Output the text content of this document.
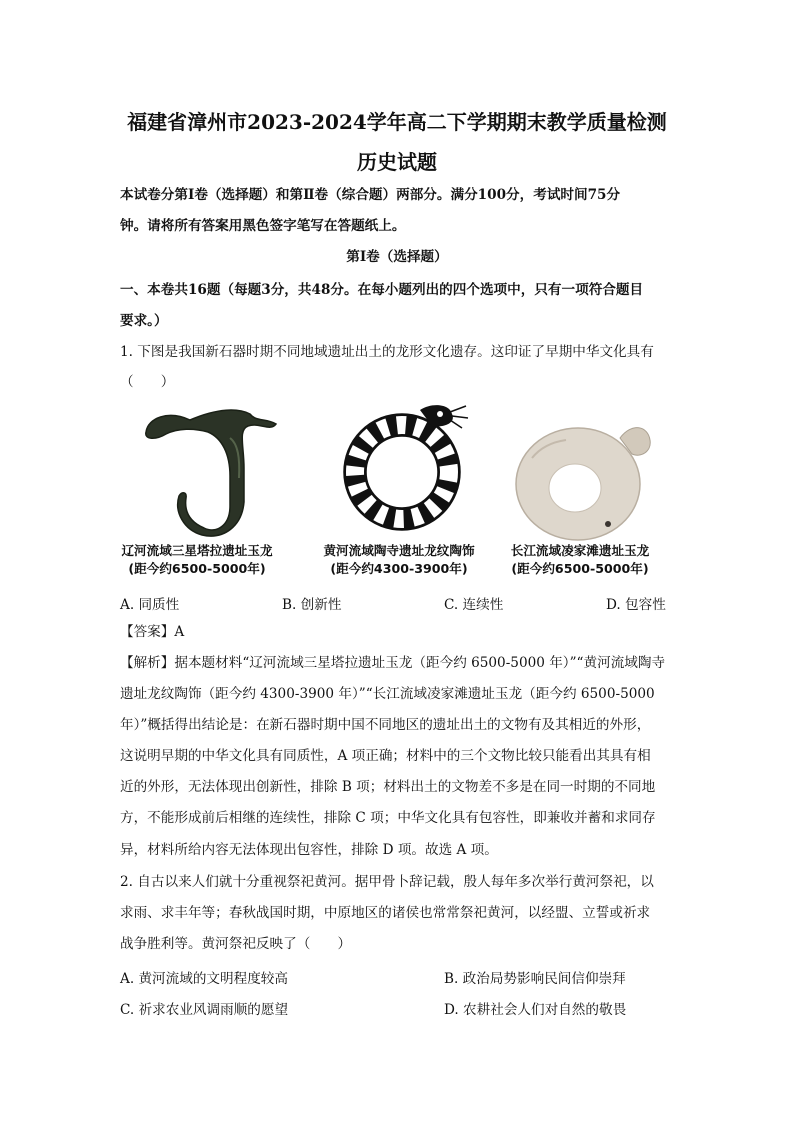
福建省漳州市2023-2024学年高二下学期期末教学质量检测
历史试题
本试卷分第Ⅰ卷（选择题）和第Ⅱ卷（综合题）两部分。满分100分，考试时间75分
钟。请将所有答案用黑色签字笔写在答题纸上。
第Ⅰ卷（选择题）
一、本卷共16题（每题3分，共48分。在每小题列出的四个选项中，只有一项符合题目
要求。）
1. 下图是我国新石器时期不同地域遗址出土的龙形文化遗存。这印证了早期中华文化具有
（　　）
辽河流域三星塔拉遗址玉龙
(距今约6500-5000年)
黄河流域陶寺遗址龙纹陶饰
(距今约4300-3900年)
长江流域凌家滩遗址玉龙
(距今约6500-5000年)
A. 同质性	B. 创新性	C. 连续性	D. 包容性
【答案】A
【解析】据本题材料“辽河流域三星塔拉遗址玉龙（距今约 6500-5000 年）”“黄河流域陶寺
遗址龙纹陶饰（距今约 4300-3900 年）”“长江流域凌家滩遗址玉龙（距今约 6500-5000
年）”概括得出结论是：在新石器时期中国不同地区的遗址出土的文物有及其相近的外形，
这说明早期的中华文化具有同质性，A 项正确；材料中的三个文物比较只能看出其具有相
近的外形，无法体现出创新性，排除 B 项；材料出土的文物差不多是在同一时期的不同地
方，不能形成前后相继的连续性，排除 C 项；中华文化具有包容性，即兼收并蓄和求同存
异，材料所给内容无法体现出包容性，排除 D 项。故选 A 项。
2. 自古以来人们就十分重视祭祀黄河。据甲骨卜辞记载，殷人每年多次举行黄河祭祀，以
求雨、求丰年等；春秋战国时期，中原地区的诸侯也常常祭祀黄河，以经盟、立誓或祈求
战争胜利等。黄河祭祀反映了（　　）
A. 黄河流域的文明程度较高	B. 政治局势影响民间信仰崇拜
C. 祈求农业风调雨顺的愿望	D. 农耕社会人们对自然的敬畏
